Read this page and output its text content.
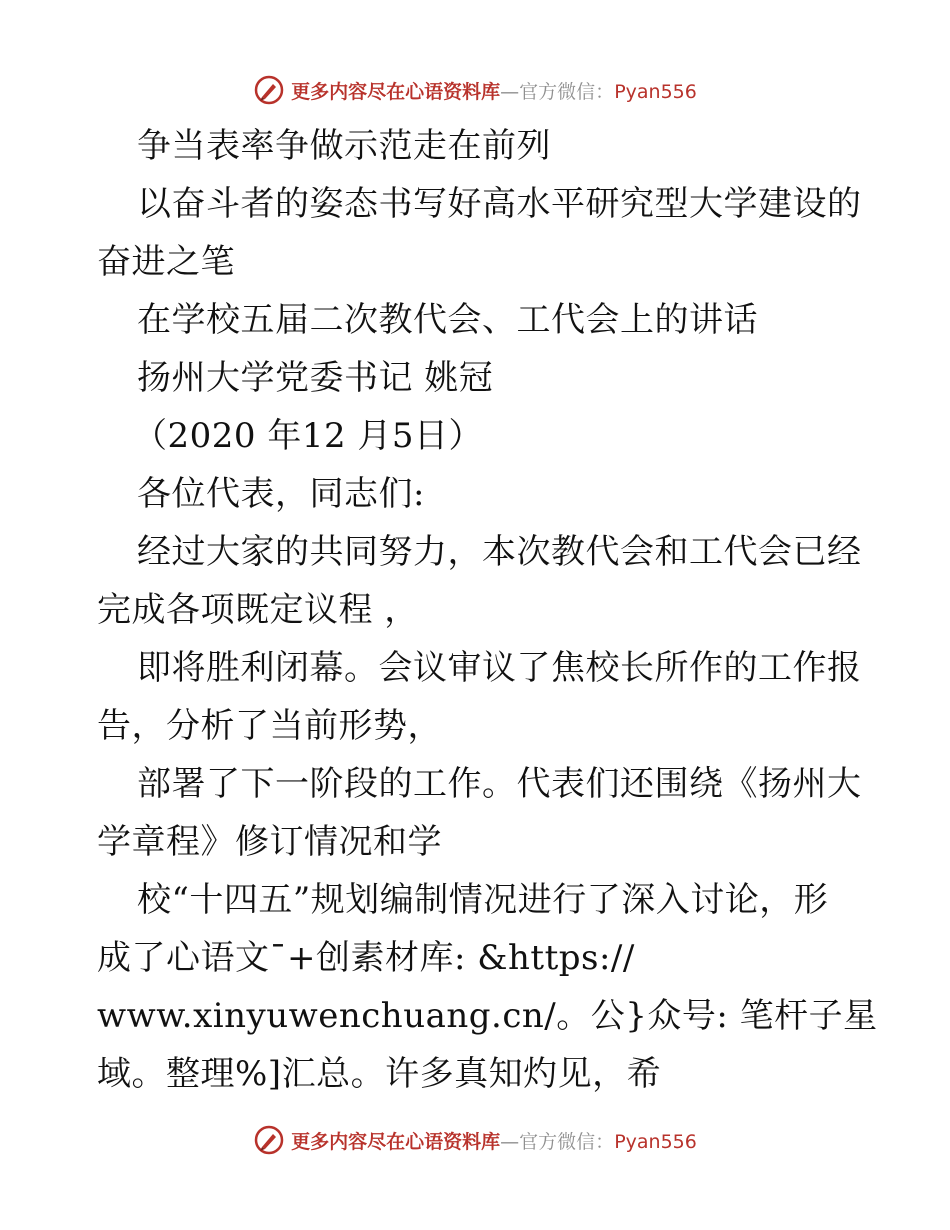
更多内容尽在心语资料库—官方微信：Pyan556
争当表率争做示范走在前列
以奋斗者的姿态书写好高水平研究型大学建设的
奋进之笔
在学校五届二次教代会、工代会上的讲话
扬州大学党委书记 姚冠
（2020 年12 月5日）
各位代表，同志们:
经过大家的共同努力，本次教代会和工代会已经
完成各项既定议程 ，
即将胜利闭幕。会议审议了焦校长所作的工作报
告，分析了当前形势，
部署了下一阶段的工作。代表们还围绕《扬州大
学章程》修订情况和学
校“十四五”规划编制情况进行了深入讨论，形
成了心语文¯+创素材库: &https://
www.xinyuwenchuang.cn/。公}众号: 笔杆子星
域。整理%]汇总。许多真知灼见，希
更多内容尽在心语资料库—官方微信：Pyan556
